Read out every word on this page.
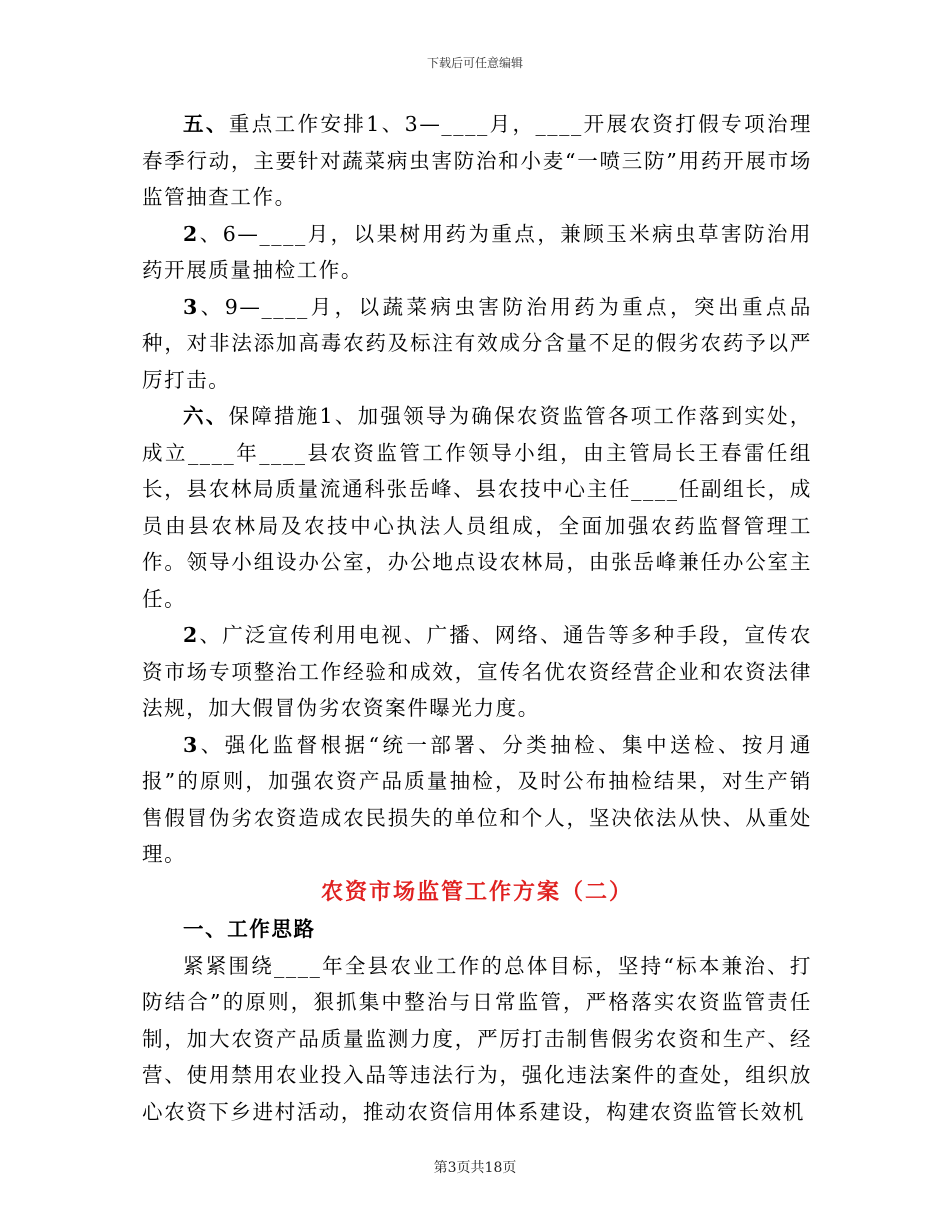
下载后可任意编辑

五、重点工作安排1、3—____月，____开展农资打假专项治理春季行动，主要针对蔬菜病虫害防治和小麦“一喷三防”用药开展市场监管抽查工作。

2、6—____月，以果树用药为重点，兼顾玉米病虫草害防治用药开展质量抽检工作。

3、9—____月，以蔬菜病虫害防治用药为重点，突出重点品种，对非法添加高毒农药及标注有效成分含量不足的假劣农药予以严厉打击。

六、保障措施1、加强领导为确保农资监管各项工作落到实处，成立____年____县农资监管工作领导小组，由主管局长王春雷任组长，县农林局质量流通科张岳峰、县农技中心主任____任副组长，成员由县农林局及农技中心执法人员组成，全面加强农药监督管理工作。领导小组设办公室，办公地点设农林局，由张岳峰兼任办公室主任。

2、广泛宣传利用电视、广播、网络、通告等多种手段，宣传农资市场专项整治工作经验和成效，宣传名优农资经营企业和农资法律法规，加大假冒伪劣农资案件曝光力度。

3、强化监督根据“统一部署、分类抽检、集中送检、按月通报”的原则，加强农资产品质量抽检，及时公布抽检结果，对生产销售假冒伪劣农资造成农民损失的单位和个人，坚决依法从快、从重处理。

农资市场监管工作方案（二）
一、工作思路

紧紧围绕____年全县农业工作的总体目标，坚持“标本兼治、打防结合”的原则，狠抓集中整治与日常监管，严格落实农资监管责任制，加大农资产品质量监测力度，严厉打击制售假劣农资和生产、经营、使用禁用农业投入品等违法行为，强化违法案件的查处，组织放心农资下乡进村活动，推动农资信用体系建设，构建农资监管长效机

第3页共18页
